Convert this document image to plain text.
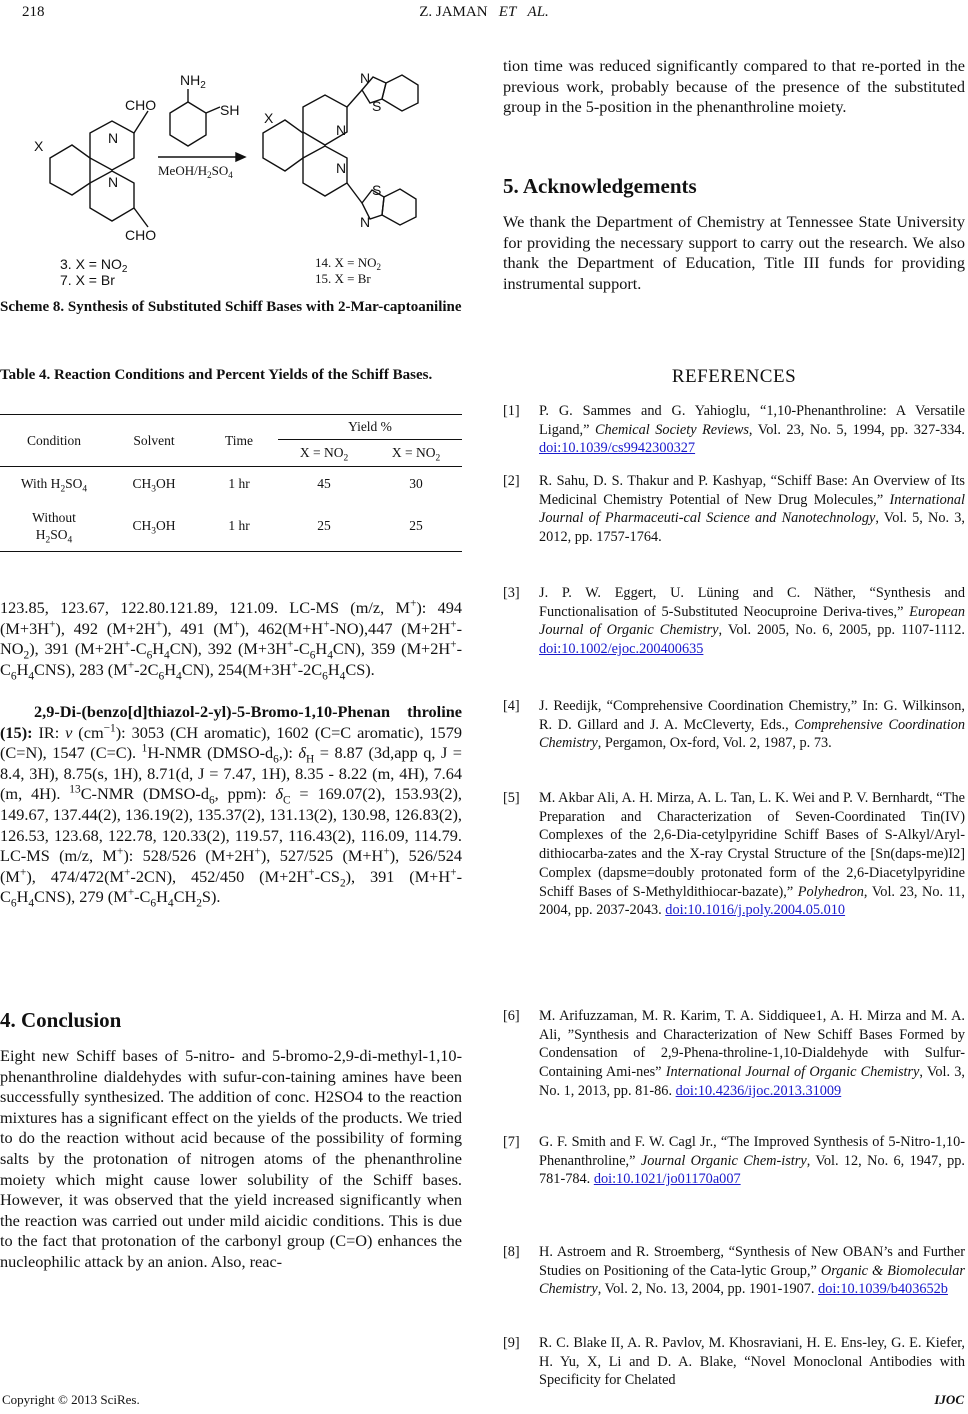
218	Z. JAMAN ET   AL.
X
CHO
CHO
N
N
$NH_2$
SH
MeOH/$H_2SO_4$
X
N
N
N
S
S
N
3. $X = NO_2$
7. X = Br
14. $X = NO_2$
15. X = Br
Scheme 8. Synthesis of Substituted Schiff Bases with 2-Mar-captoaniline
Table 4. Reaction Conditions and Percent Yields of the Schiff Bases.
Condition	Solvent	Time	Yield %	
			$X = NO_2$	$X = NO_2$
With $H_2SO_4$	$CH_3OH$	1 hr	45	30
Without
$H_2SO_4$	$CH_3OH$	1 hr	25	25
123.85, 123.67, 122.80.121.89, 121.09. LC-MS (m/z, M+): 494 (M+3H+), 492 (M+2H+), 491 (M+), 462(M+H+-NO),447 $(M+2H^+-NO_2)$, 391 $(M+2H^+-C_6H_4CN)$, 392 $(M+3H^+-C_6H_4CN)$, 359 $(M+2H^+-C_6H_4CNS)$, 283 $(M^+-2C_6H_4CN)$, $254(M+3H^+-2C_6H_4CS)$.
2,9-Di-(benzo[d]thiazol-2-yl)-5-Bromo-1,10-Phenan throline (15): IR: v $(cm^{-1})$: 3053 (CH aromatic), 1602 (C=C aromatic), 1579 (C=N), 1547 (C=C). $^1$H-NMR $(DMSO-d_6,)$: $\delta_H = 8.87$ (3d,app q, J = 8.4, 3H), 8.75(s, 1H), 8.71(d, J = 7.47, 1H), 8.35 - 8.22 (m, 4H), 7.64 (m, 4H). $^{13}$C-NMR ($DMSO-d_6$, ppm): $\delta_C = 169.07(2)$, 153.93(2), 149.67, 137.44(2), 136.19(2), 135.37(2), 131.13(2), 130.98, 126.83(2), 126.53, 123.68, 122.78, 120.33(2), 119.57, 116.43(2), 116.09, 114.79. LC-MS (m/z, M+): 528/526 (M+2H+), 527/525 (M+H+), 526/524 (M+), 474/472(M+-2CN), 452/450 $(M+2H^+-CS_2)$, 391 $(M+H^+-C_6H_4CNS)$, 279 $(M^+-C_6H_4CH_2S)$.
4. Conclusion
Eight new Schiff bases of 5-nitro- and 5-bromo-2,9-di-methyl-1,10-phenanthroline dialdehydes with sufur-con-taining amines have been successfully synthesized. The addition of conc. H2SO4 to the reaction mixtures has a significant effect on the yields of the products. We tried to do the reaction without acid because of the possibility of forming salts by the protonation of nitrogen atoms of the phenanthroline moiety which might cause lower solubility of the Schiff bases. However, it was observed that the yield increased significantly when the reaction was carried out under mild aicidic conditions. This is due to the fact that protonation of the carbonyl group (C=O) enhances the nucleophilic attack by an anion. Also, reac-
tion time was reduced significantly compared to that re-ported in the previous work, probably because of the presence of the substituted group in the 5-position in the phenanthroline moiety.
5. Acknowledgements
We thank the Department of Chemistry at Tennessee State University for providing the necessary support to carry out the research. We also thank the Department of Education, Title III funds for providing instrumental support.
REFERENCES
[1] P. G. Sammes and G. Yahioglu, “1,10-Phenanthroline: A Versatile Ligand,” Chemical Society Reviews, Vol. 23, No. 5, 1994, pp. 327-334. doi:10.1039/cs9942300327
[2] R. Sahu, D. S. Thakur and P. Kashyap, “Schiff Base: An Overview of Its Medicinal Chemistry Potential of New Drug Molecules,” International Journal of Pharmaceuti-cal Science and Nanotechnology, Vol. 5, No. 3, 2012, pp. 1757-1764.
[3] J. P. W. Eggert, U. Lüning and C. Näther, “Synthesis and Functionalisation of 5-Substituted Neocuproine Deriva-tives,” European Journal of Organic Chemistry, Vol. 2005, No. 6, 2005, pp. 1107-1112. doi:10.1002/ejoc.200400635
[4] J. Reedijk, “Comprehensive Coordination Chemistry,” In: G. Wilkinson, R. D. Gillard and J. A. McCleverty, Eds., Comprehensive Coordination Chemistry, Pergamon, Ox-ford, Vol. 2, 1987, p. 73.
[5] M. Akbar Ali, A. H. Mirza, A. L. Tan, L. K. Wei and P. V. Bernhardt, “The Preparation and Characterization of Seven-Coordinated Tin(IV) Complexes of the 2,6-Dia-cetylpyridine Schiff Bases of S-Alkyl/Aryl-dithiocarba-zates and the X-ray Crystal Structure of the [Sn(daps-me)I2] Complex (dapsme=doubly protonated form of the 2,6-Diacetylpyridine Schiff Bases of S-Methyldithiocar-bazate),” Polyhedron, Vol. 23, No. 11, 2004, pp. 2037-2043. doi:10.1016/j.poly.2004.05.010
[6] M. Arifuzzaman, M. R. Karim, T. A. Siddiquee1, A. H. Mirza and M. A. Ali, ”Synthesis and Characterization of New Schiff Bases Formed by Condensation of 2,9-Phena-throline-1,10-Dialdehyde with Sulfur-Containing Ami-nes” International Journal of Organic Chemistry, Vol. 3, No. 1, 2013, pp. 81-86. doi:10.4236/ijoc.2013.31009
[7] G. F. Smith and F. W. Cagl Jr., “The Improved Synthesis of 5-Nitro-1,10-Phenanthroline,” Journal Organic Chem-istry, Vol. 12, No. 6, 1947, pp. 781-784. doi:10.1021/jo01170a007
[8] H. Astroem and R. Stroemberg, “Synthesis of New OBAN’s and Further Studies on Positioning of the Cata-lytic Group,” Organic & Biomolecular Chemistry, Vol. 2, No. 13, 2004, pp. 1901-1907. doi:10.1039/b403652b
[9] R. C. Blake II, A. R. Pavlov, M. Khosraviani, H. E. Ens-ley, G. E. Kiefer, H. Yu, X, Li and D. A. Blake, “Novel Monoclonal Antibodies with Specificity for Chelated
Copyright © 2013 SciRes.	IJOC
